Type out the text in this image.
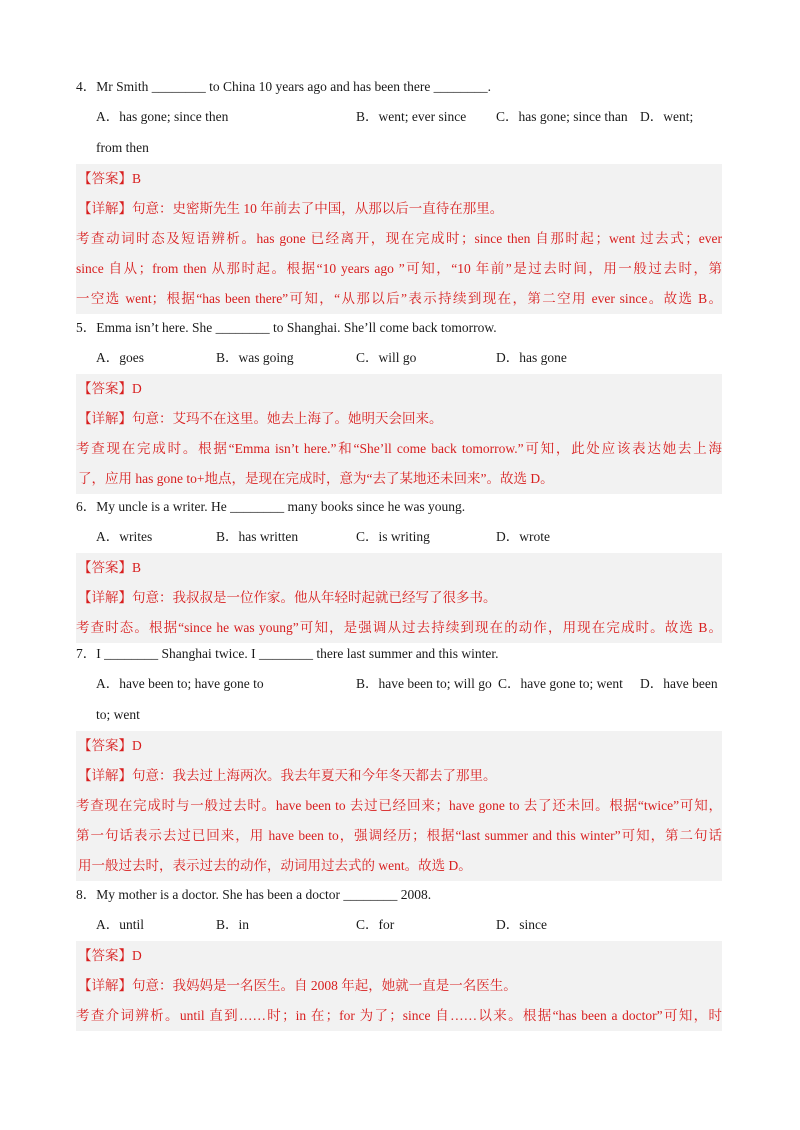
4．Mr Smith ________ to China 10 years ago and has been there ________.
A．has gone; since then	B．went; ever since C．has gone; since than D．went;
from then
【答案】B
【详解】句意：史密斯先生 10 年前去了中国，从那以后一直待在那里。
考查动词时态及短语辨析。has gone 已经离开，现在完成时；since then 自那时起；went 过去式；ever
since 自从；from then 从那时起。根据“10 years ago ”可知，“10 年前”是过去时间，用一般过去时，第
一空选 went；根据“has been there”可知，“从那以后”表示持续到现在，第二空用 ever since。故选 B。
5．Emma isn’t here. She ________ to Shanghai. She’ll come back tomorrow.
A．goes	B．was going	C．will go	D．has gone
【答案】D
【详解】句意：艾玛不在这里。她去上海了。她明天会回来。
考查现在完成时。根据“Emma isn’t here.”和“She’ll come back tomorrow.”可知，此处应该表达她去上海
了，应用 has gone to+地点，是现在完成时，意为“去了某地还未回来”。故选 D。
6．My uncle is a writer. He ________ many books since he was young.
A．writes	B．has written	C．is writing	D．wrote
【答案】B
【详解】句意：我叔叔是一位作家。他从年轻时起就已经写了很多书。
考查时态。根据“since he was young”可知，是强调从过去持续到现在的动作，用现在完成时。故选 B。
7．I ________ Shanghai twice. I ________ there last summer and this winter.
A．have been to; have gone to	B．have been to; will go C．have gone to; went D．have been
to; went
【答案】D
【详解】句意：我去过上海两次。我去年夏天和今年冬天都去了那里。
考查现在完成时与一般过去时。have been to 去过已经回来；have gone to 去了还未回。根据“twice”可知，
第一句话表示去过已回来，用 have been to，强调经历；根据“last summer and this winter”可知，第二句话
用一般过去时，表示过去的动作，动词用过去式的 went。故选 D。
8．My mother is a doctor. She has been a doctor ________ 2008.
A．until	B．in	C．for	D．since
【答案】D
【详解】句意：我妈妈是一名医生。自 2008 年起，她就一直是一名医生。
考查介词辨析。until 直到……时；in 在；for 为了；since 自……以来。根据“has been a doctor”可知，时
